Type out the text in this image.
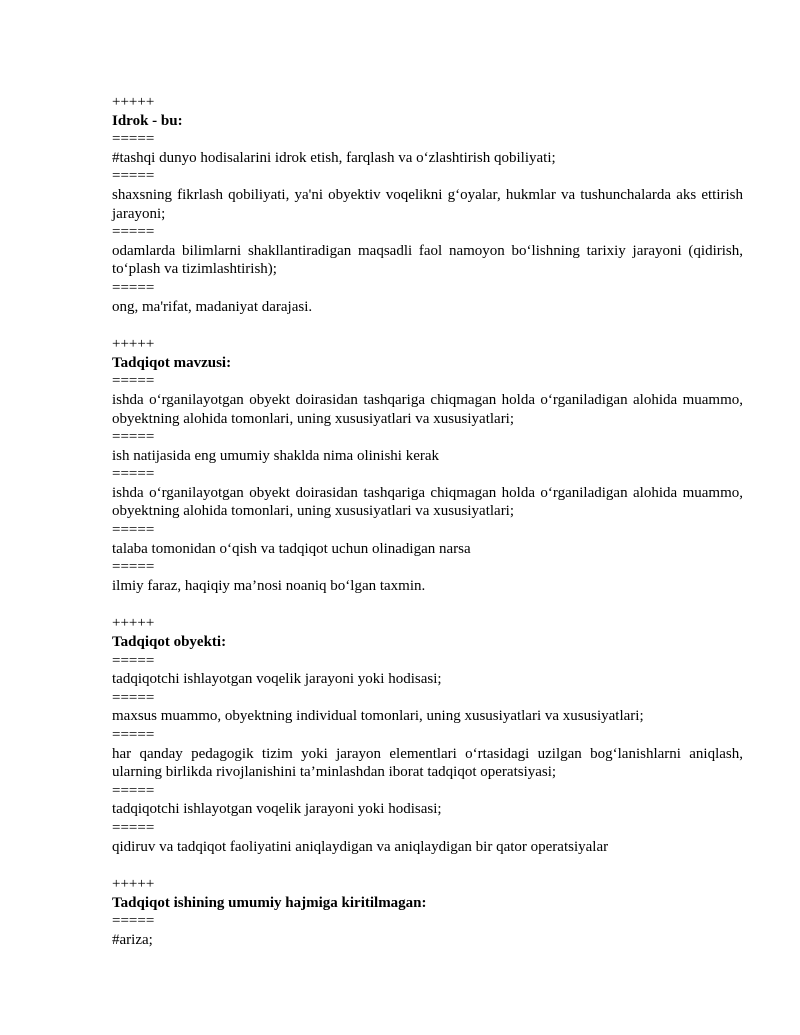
+++++
Idrok - bu:
=====
#tashqi dunyo hodisalarini idrok etish, farqlash va o‘zlashtirish qobiliyati;
=====
shaxsning fikrlash qobiliyati, ya'ni obyektiv voqelikni g‘oyalar, hukmlar va tushunchalarda aks ettirish jarayoni;
=====
odamlarda bilimlarni shakllantiradigan maqsadli faol namoyon bo‘lishning tarixiy jarayoni (qidirish, to‘plash va tizimlashtirish);
=====
ong, ma'rifat, madaniyat darajasi.
+++++
Tadqiqot mavzusi:
=====
ishda o‘rganilayotgan obyekt doirasidan tashqariga chiqmagan holda o‘rganiladigan alohida muammo, obyektning alohida tomonlari, uning xususiyatlari va xususiyatlari;
=====
ish natijasida eng umumiy shaklda nima olinishi kerak
=====
ishda o‘rganilayotgan obyekt doirasidan tashqariga chiqmagan holda o‘rganiladigan alohida muammo, obyektning alohida tomonlari, uning xususiyatlari va xususiyatlari;
=====
talaba tomonidan o‘qish va tadqiqot uchun olinadigan narsa
=====
ilmiy faraz, haqiqiy ma’nosi noaniq bo‘lgan taxmin.
+++++
Tadqiqot obyekti:
=====
tadqiqotchi ishlayotgan voqelik jarayoni yoki hodisasi;
=====
maxsus muammo, obyektning individual tomonlari, uning xususiyatlari va xususiyatlari;
=====
har qanday pedagogik tizim yoki jarayon elementlari o‘rtasidagi uzilgan bog‘lanishlarni aniqlash, ularning birlikda rivojlanishini ta’minlashdan iborat tadqiqot operatsiyasi;
=====
tadqiqotchi ishlayotgan voqelik jarayoni yoki hodisasi;
=====
qidiruv va tadqiqot faoliyatini aniqlaydigan va aniqlaydigan bir qator operatsiyalar
+++++
Tadqiqot ishining umumiy hajmiga kiritilmagan:
=====
#ariza;
